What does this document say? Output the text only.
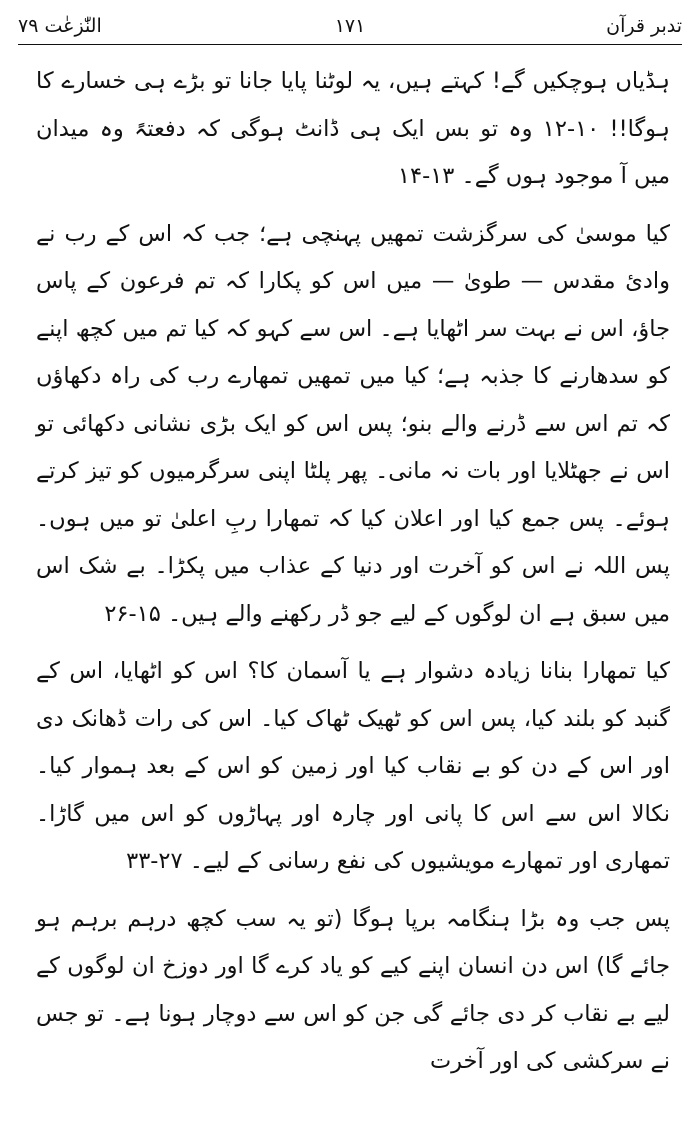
النّٰزعٰت ۷۹	۱۷۱	تدبر قرآن

ہڈیاں ہوچکیں گے! کہتے ہیں، یہ لوٹنا پایا جانا تو بڑے ہی خسارے کا ہوگا!! ۱۰-۱۲ وہ تو بس ایک ہی ڈانٹ ہوگی کہ دفعتہً وہ میدان میں آ موجود ہوں گے۔ ۱۳-۱۴

کیا موسیٰ کی سرگزشت تمھیں پہنچی ہے؛ جب کہ اس کے رب نے وادیٔ مقدس — طویٰ — میں اس کو پکارا کہ تم فرعون کے پاس جاؤ، اس نے بہت سر اٹھایا ہے۔ اس سے کہو کہ کیا تم میں کچھ اپنے کو سدھارنے کا جذبہ ہے؛ کیا میں تمھیں تمھارے رب کی راہ دکھاؤں کہ تم اس سے ڈرنے والے بنو؛ پس اس کو ایک بڑی نشانی دکھائی تو اس نے جھٹلایا اور بات نہ مانی۔ پھر پلٹا اپنی سرگرمیوں کو تیز کرتے ہوئے۔ پس جمع کیا اور اعلان کیا کہ تمھارا ربِ اعلیٰ تو میں ہوں۔ پس اللہ نے اس کو آخرت اور دنیا کے عذاب میں پکڑا۔ بے شک اس میں سبق ہے ان لوگوں کے لیے جو ڈر رکھنے والے ہیں۔ ۱۵-۲۶

کیا تمھارا بنانا زیادہ دشوار ہے یا آسمان کا؟ اس کو اٹھایا، اس کے گنبد کو بلند کیا، پس اس کو ٹھیک ٹھاک کیا۔ اس کی رات ڈھانک دی اور اس کے دن کو بے نقاب کیا اور زمین کو اس کے بعد ہموار کیا۔ نکالا اس سے اس کا پانی اور چارہ اور پہاڑوں کو اس میں گاڑا۔ تمھاری اور تمھارے مویشیوں کی نفع رسانی کے لیے۔ ۲۷-۳۳

پس جب وہ بڑا ہنگامہ برپا ہوگا (تو یہ سب کچھ درہم برہم ہو جائے گا) اس دن انسان اپنے کیے کو یاد کرے گا اور دوزخ ان لوگوں کے لیے بے نقاب کر دی جائے گی جن کو اس سے دوچار ہونا ہے۔ تو جس نے سرکشی کی اور آخرت
